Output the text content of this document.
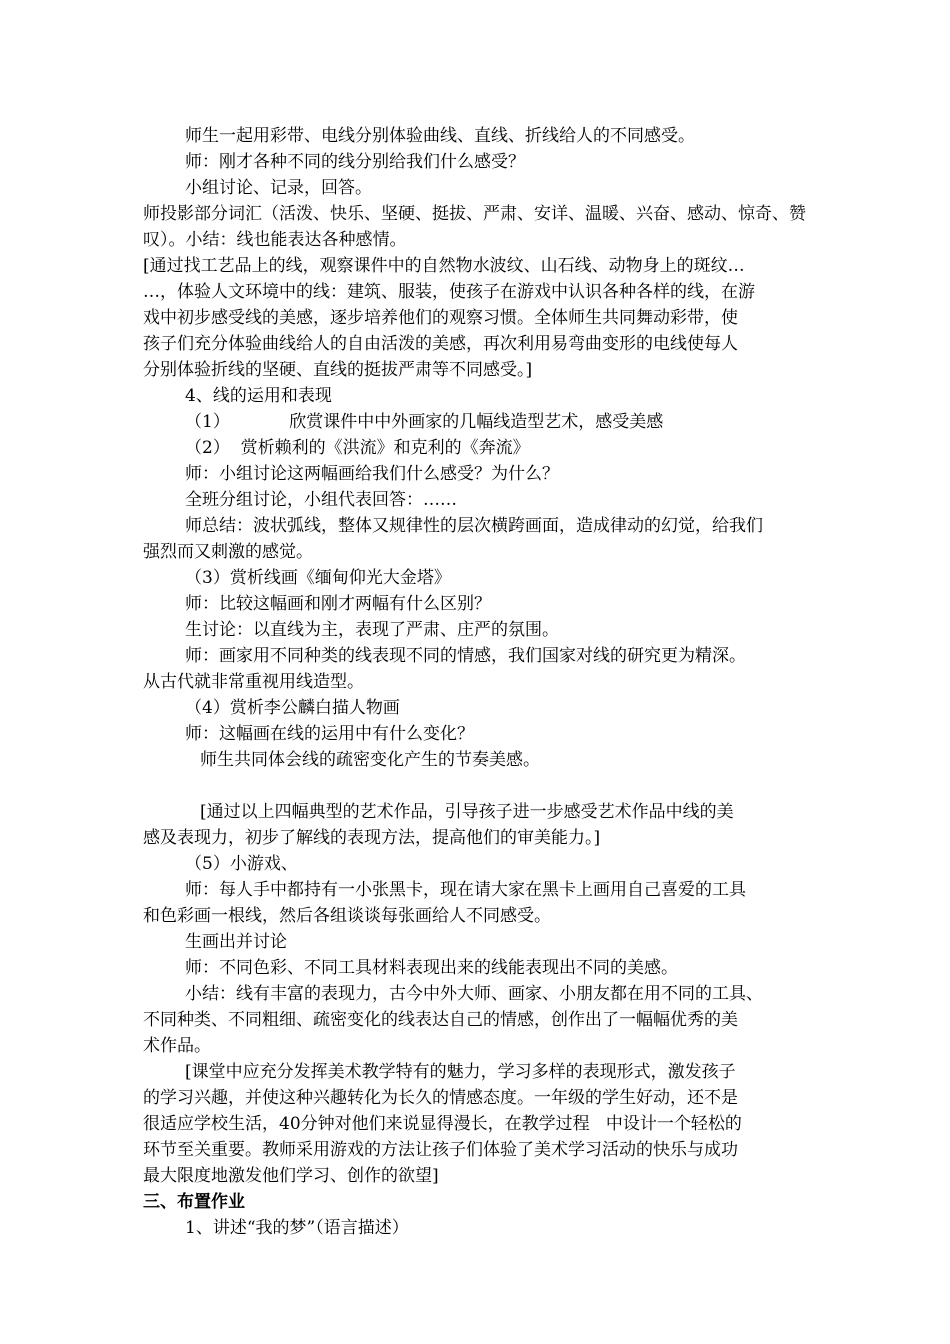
师生一起用彩带、电线分别体验曲线、直线、折线给人的不同感受。
师：刚才各种不同的线分别给我们什么感受？
小组讨论、记录，回答。
师投影部分词汇（活泼、快乐、坚硬、挺拔、严肃、安详、温暖、兴奋、感动、惊奇、赞
叹）。小结：线也能表达各种感情。
[通过找工艺品上的线，观察课件中的自然物水波纹、山石线、动物身上的斑纹…
…，体验人文环境中的线：建筑、服装，使孩子在游戏中认识各种各样的线，在游
戏中初步感受线的美感，逐步培养他们的观察习惯。全体师生共同舞动彩带，使
孩子们充分体验曲线给人的自由活泼的美感，再次利用易弯曲变形的电线使每人
分别体验折线的坚硬、直线的挺拔严肃等不同感受。]
4、线的运用和表现
（1）           欣赏课件中中外画家的几幅线造型艺术，感受美感
（2）  赏析赖利的《洪流》和克利的《奔流》
师：小组讨论这两幅画给我们什么感受？为什么？
全班分组讨论，小组代表回答：……
师总结：波状弧线，整体又规律性的层次横跨画面，造成律动的幻觉，给我们
强烈而又刺激的感觉。
（3）赏析线画《缅甸仰光大金塔》
师：比较这幅画和刚才两幅有什么区别？
生讨论：以直线为主，表现了严肃、庄严的氛围。
师：画家用不同种类的线表现不同的情感，我们国家对线的研究更为精深。
从古代就非常重视用线造型。
（4）赏析李公麟白描人物画
师：这幅画在线的运用中有什么变化？
师生共同体会线的疏密变化产生的节奏美感。
[通过以上四幅典型的艺术作品，引导孩子进一步感受艺术作品中线的美
感及表现力，初步了解线的表现方法，提高他们的审美能力。]
（5）小游戏、
师：每人手中都持有一小张黑卡，现在请大家在黑卡上画用自己喜爱的工具
和色彩画一根线，然后各组谈谈每张画给人不同感受。
生画出并讨论
师：不同色彩、不同工具材料表现出来的线能表现出不同的美感。
小结：线有丰富的表现力，古今中外大师、画家、小朋友都在用不同的工具、
不同种类、不同粗细、疏密变化的线表达自己的情感，创作出了一幅幅优秀的美
术作品。
[课堂中应充分发挥美术教学特有的魅力，学习多样的表现形式，激发孩子
的学习兴趣，并使这种兴趣转化为长久的情感态度。一年级的学生好动，还不是
很适应学校生活，40分钟对他们来说显得漫长，在教学过程   中设计一个轻松的
环节至关重要。教师采用游戏的方法让孩子们体验了美术学习活动的快乐与成功
最大限度地激发他们学习、创作的欲望]
三、布置作业
1、讲述“我的梦”（语言描述）
